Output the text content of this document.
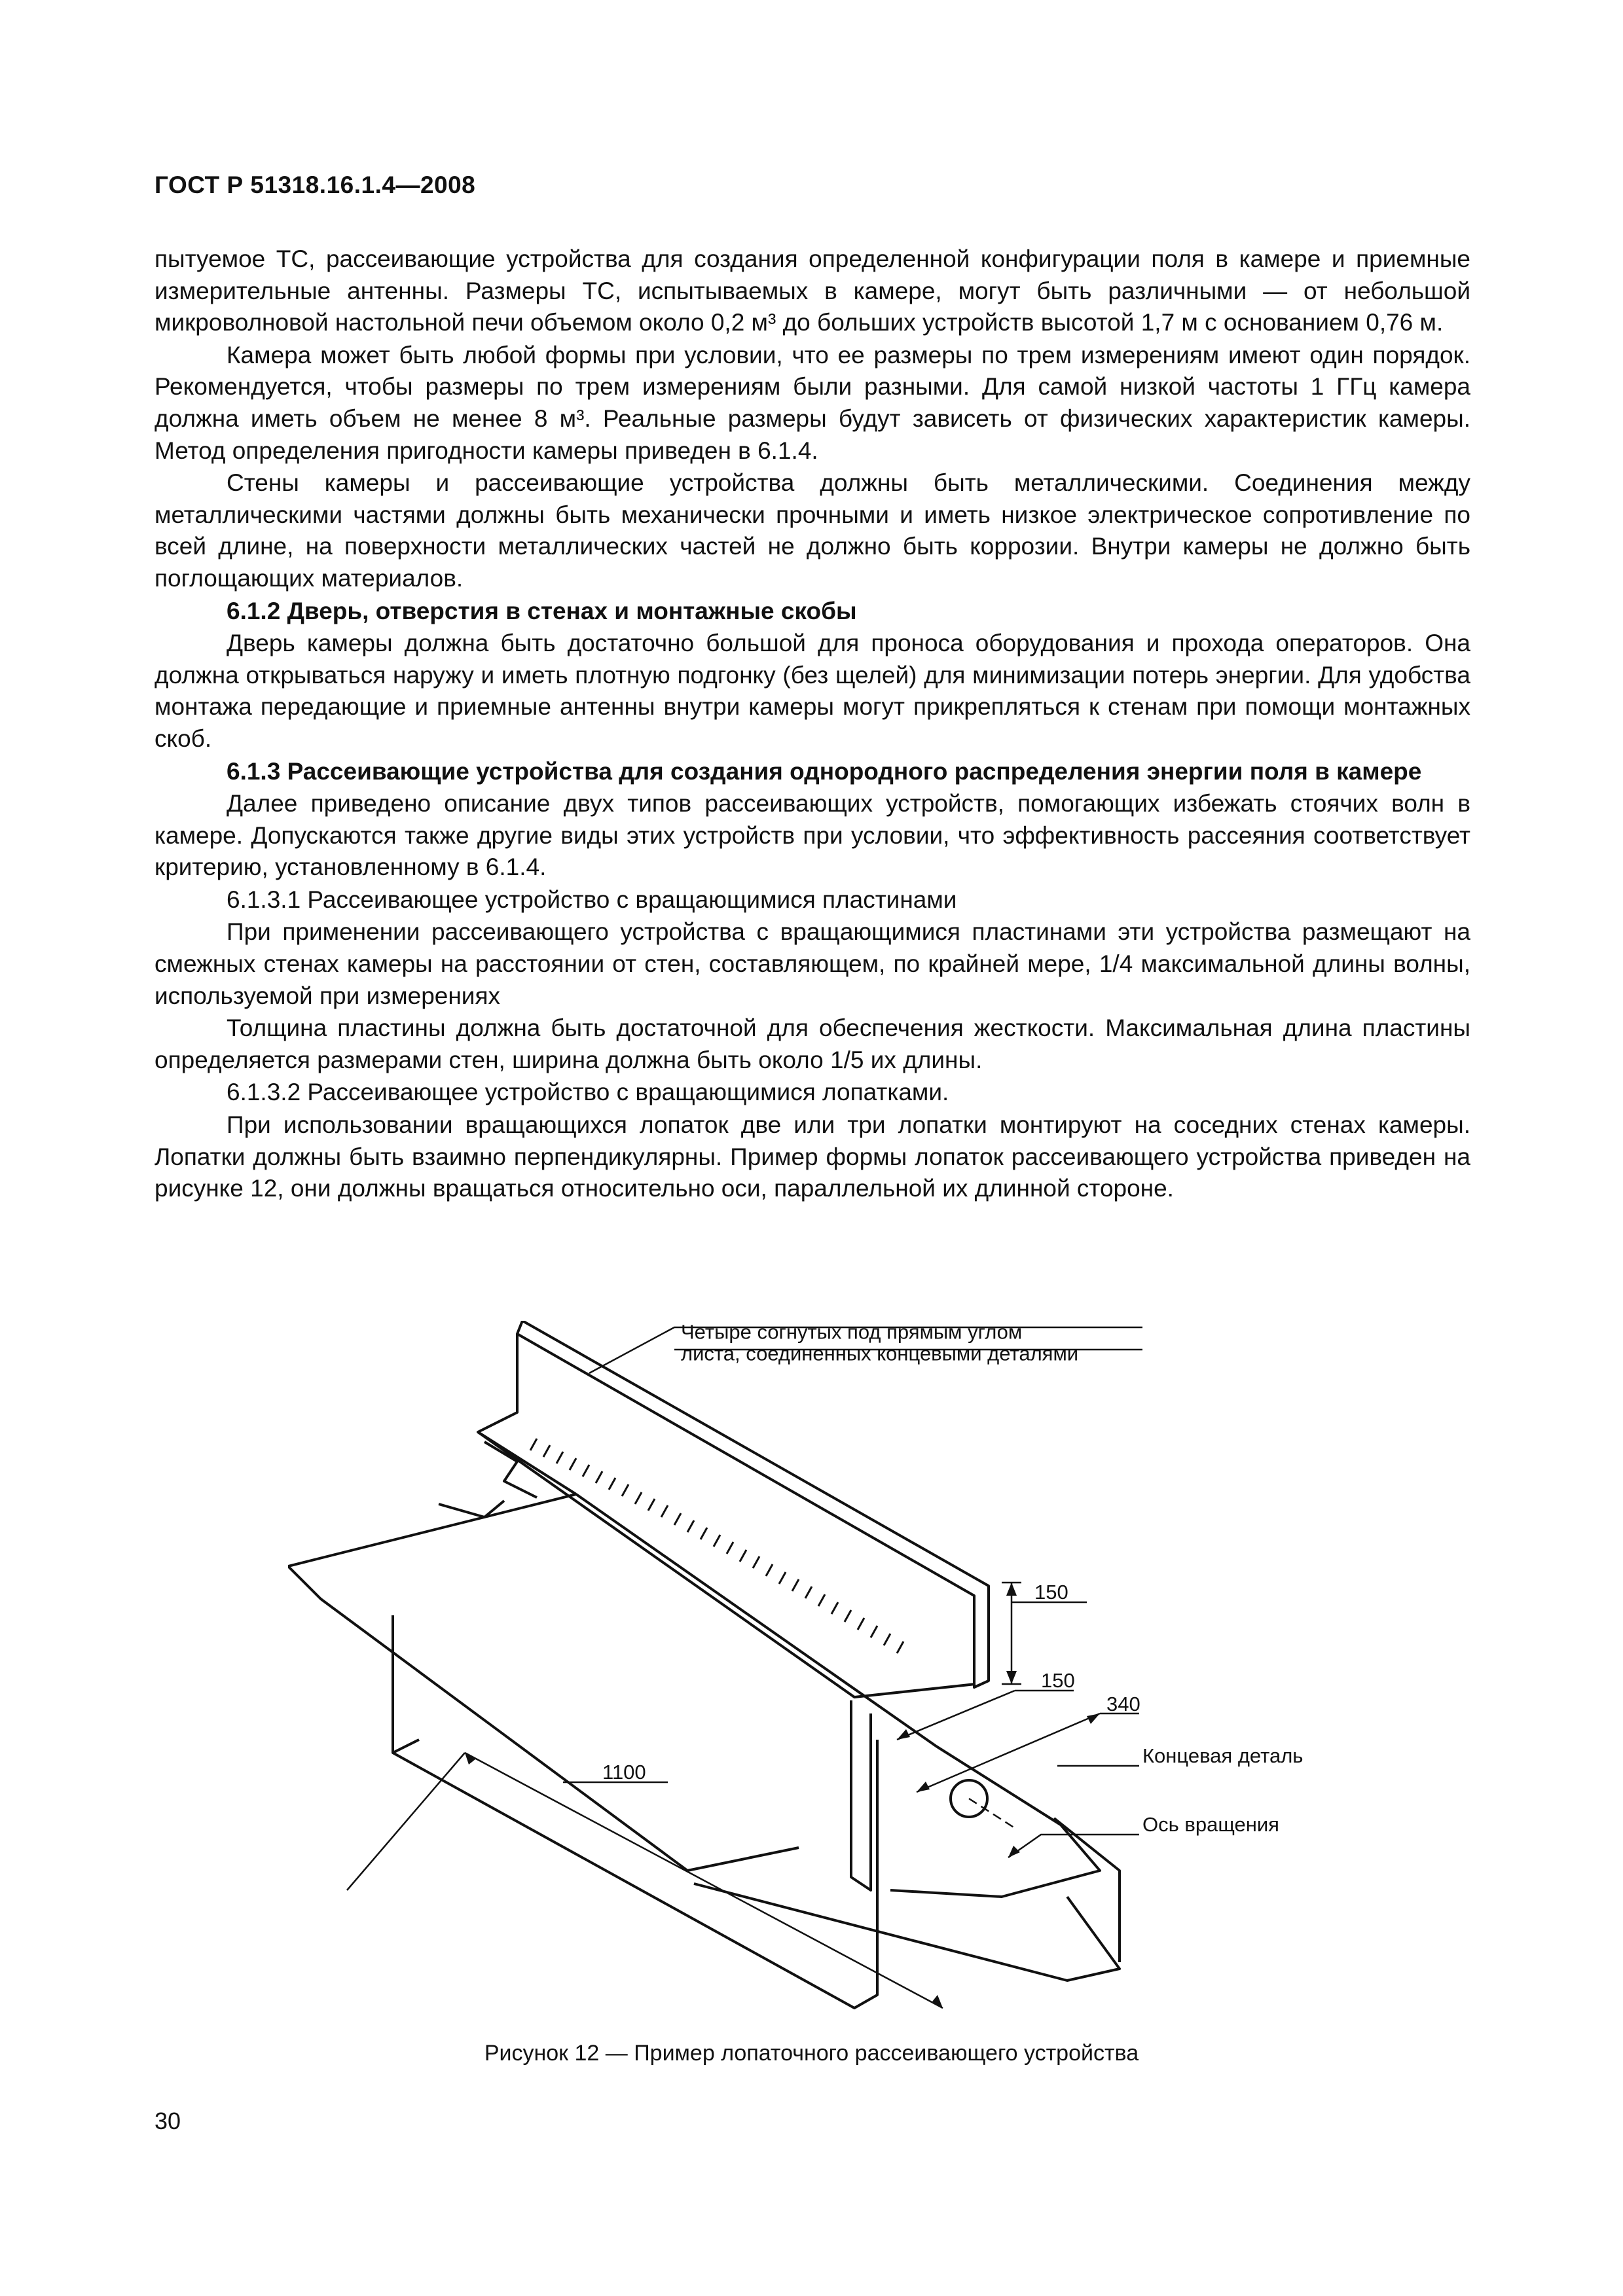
ГОСТ Р 51318.16.1.4—2008

пытуемое ТС, рассеивающие устройства для создания определенной конфигурации поля в камере и приемные измерительные антенны. Размеры ТС, испытываемых в камере, могут быть различными — от небольшой микроволновой настольной печи объемом около 0,2 м³ до больших устройств высотой 1,7 м с основанием 0,76 м.

Камера может быть любой формы при условии, что ее размеры по трем измерениям имеют один порядок. Рекомендуется, чтобы размеры по трем измерениям были разными. Для самой низкой частоты 1 ГГц камера должна иметь объем не менее 8 м³. Реальные размеры будут зависеть от физических характеристик камеры. Метод определения пригодности камеры приведен в 6.1.4.

Стены камеры и рассеивающие устройства должны быть металлическими. Соединения между металлическими частями должны быть механически прочными и иметь низкое электрическое сопротивление по всей длине, на поверхности металлических частей не должно быть коррозии. Внутри камеры не должно быть поглощающих материалов.

6.1.2 Дверь, отверстия в стенах и монтажные скобы

Дверь камеры должна быть достаточно большой для проноса оборудования и прохода операторов. Она должна открываться наружу и иметь плотную подгонку (без щелей) для минимизации потерь энергии. Для удобства монтажа передающие и приемные антенны внутри камеры могут прикрепляться к стенам при помощи монтажных скоб.

6.1.3 Рассеивающие устройства для создания однородного распределения энергии поля в камере

Далее приведено описание двух типов рассеивающих устройств, помогающих избежать стоячих волн в камере. Допускаются также другие виды этих устройств при условии, что эффективность рассеяния соответствует критерию, установленному в 6.1.4.

6.1.3.1 Рассеивающее устройство с вращающимися пластинами

При применении рассеивающего устройства с вращающимися пластинами эти устройства размещают на смежных стенах камеры на расстоянии от стен, составляющем, по крайней мере, 1/4 максимальной длины волны, используемой при измерениях

Толщина пластины должна быть достаточной для обеспечения жесткости. Максимальная длина пластины определяется размерами стен, ширина должна быть около 1/5 их длины.

6.1.3.2 Рассеивающее устройство с вращающимися лопатками.

При использовании вращающихся лопаток две или три лопатки монтируют на соседних стенах камеры. Лопатки должны быть взаимно перпендикулярны. Пример формы лопаток рассеивающего устройства приведен на рисунке 12, они должны вращаться относительно оси, параллельной их длинной стороне.

Четыре согнутых под прямым углом
листа, соединенных концевыми деталями
150
150
340
Концевая деталь
Ось вращения
1100
Рисунок 12 — Пример лопаточного рассеивающего устройства
30
